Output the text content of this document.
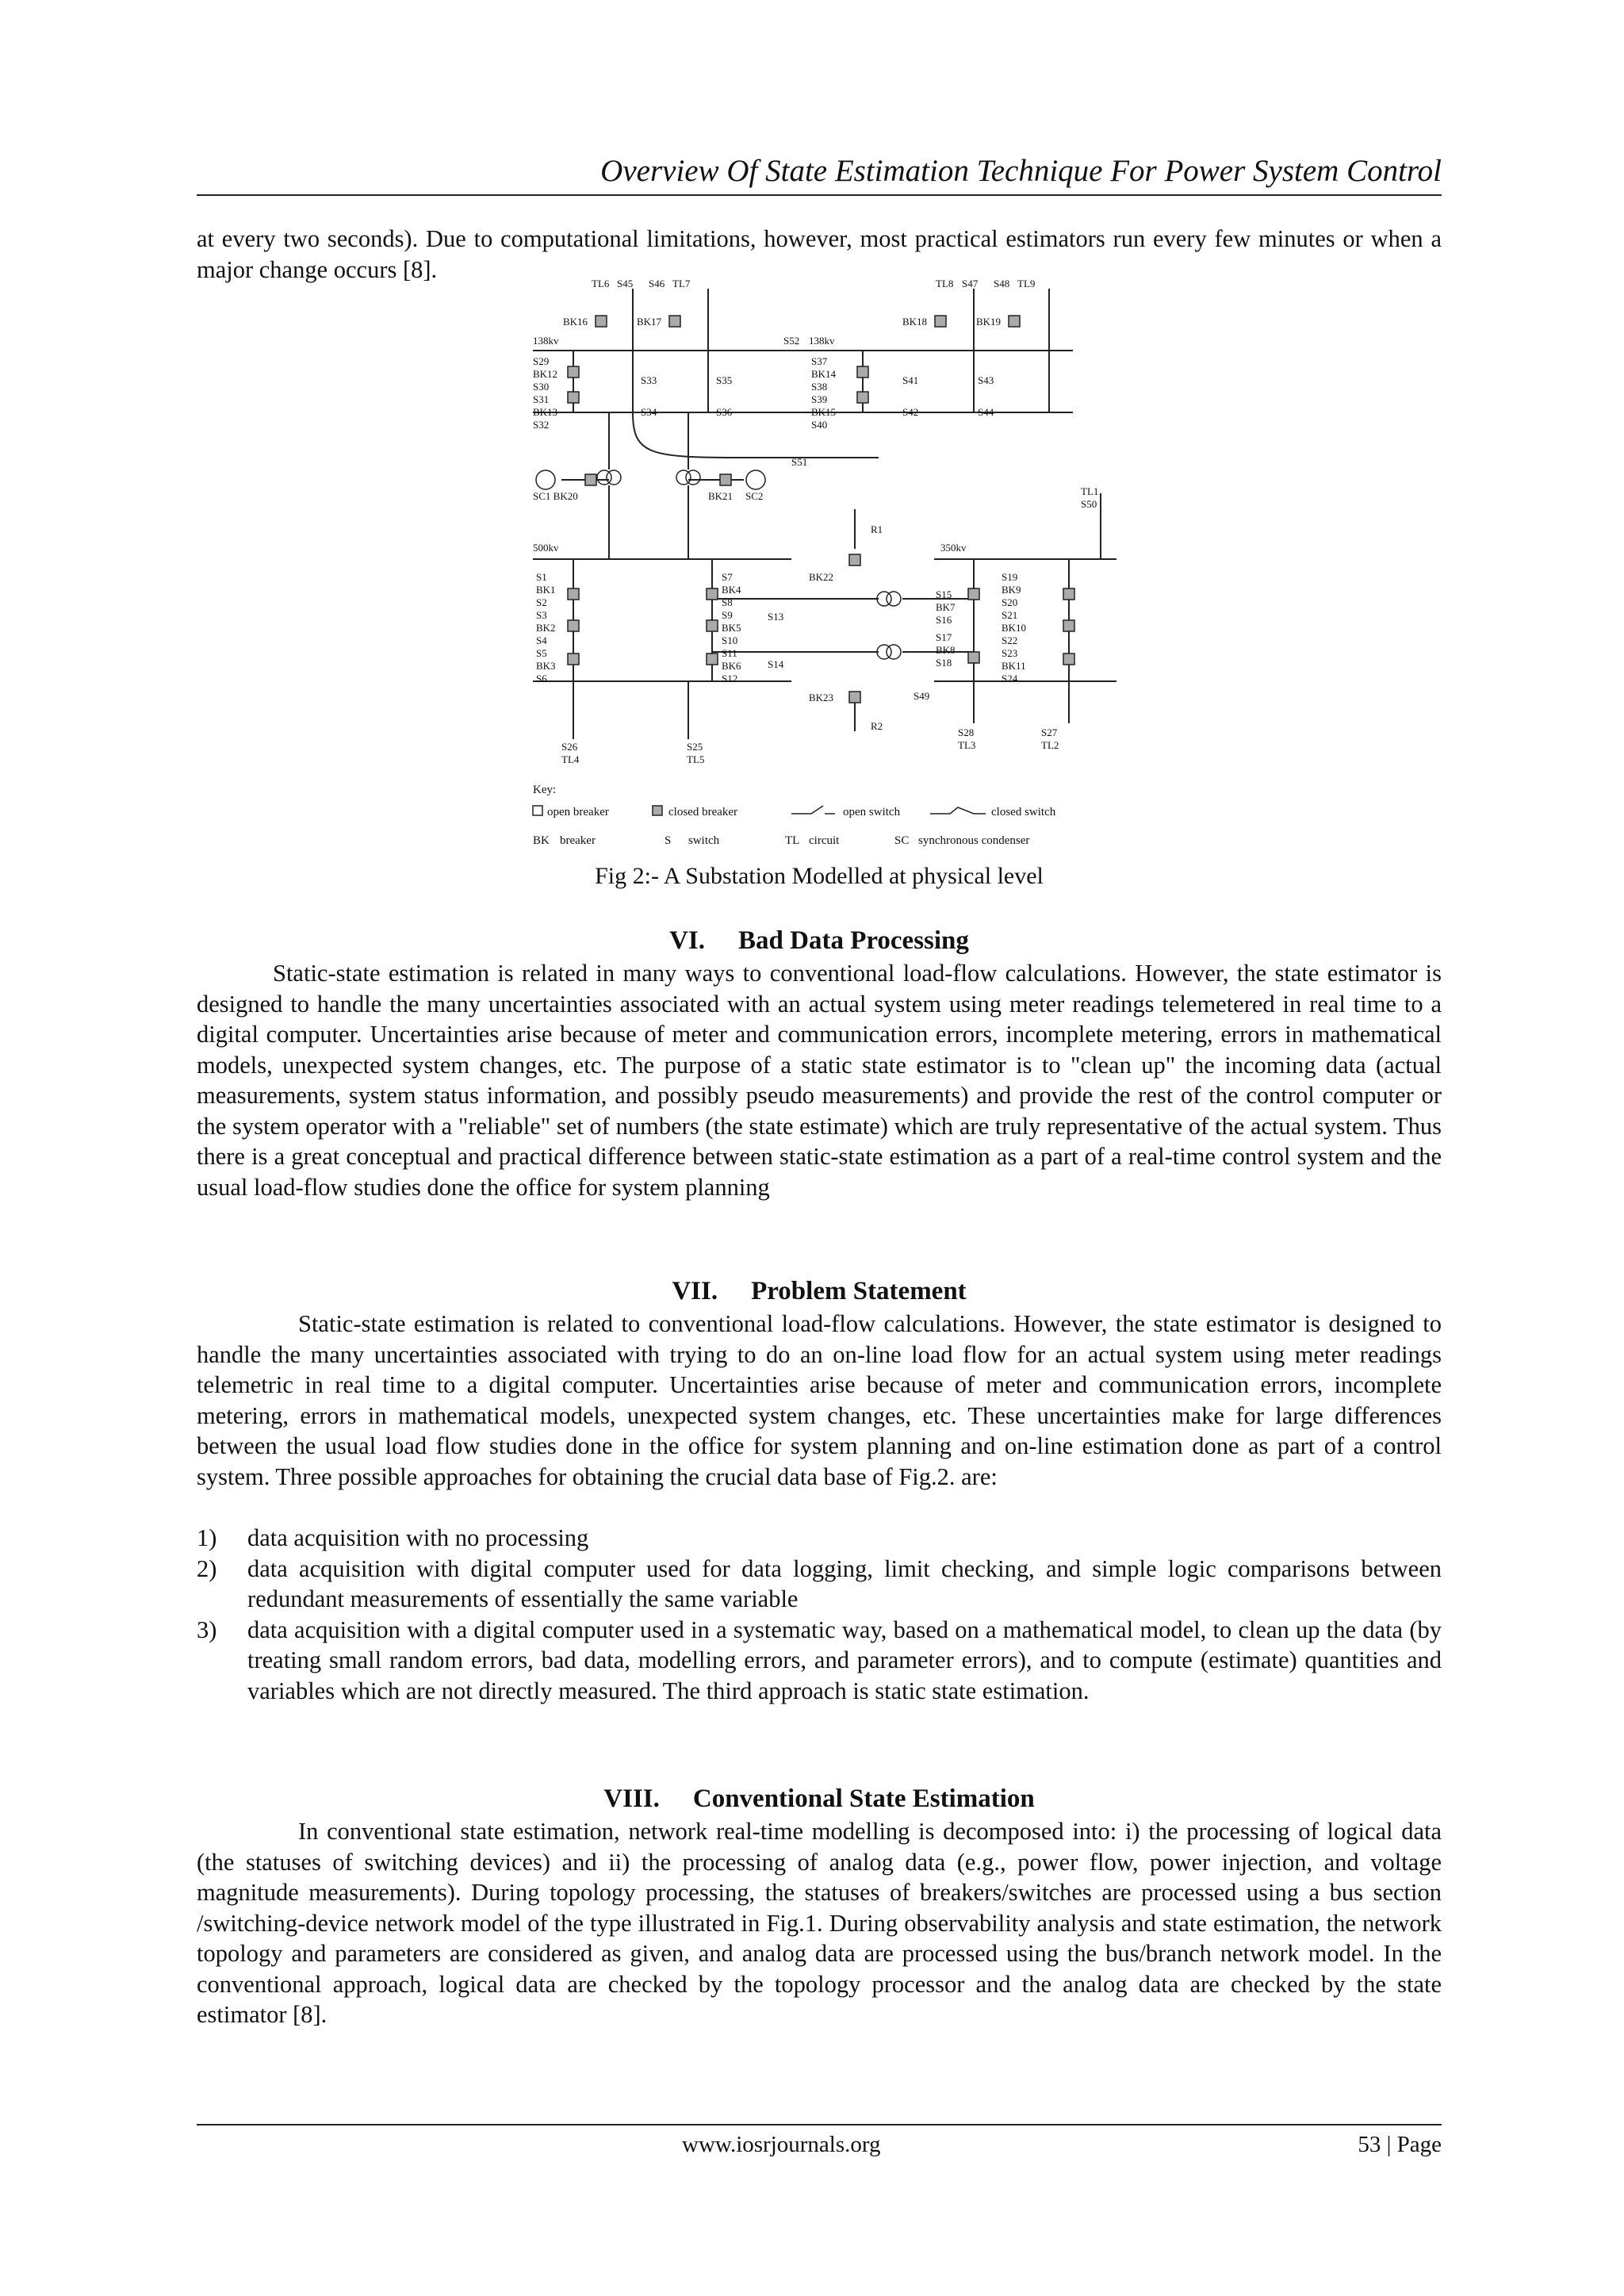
Overview Of State Estimation Technique For Power System Control

at every two seconds). Due to computational limitations, however, most practical estimators run every few minutes or when a major change occurs [8].

TL6 S45 S46 TL7	TL8 S47 S48 TL9
BK16	BK17	BK18	BK19
138kv	S52 138kv
S29
BK12
S30
S31
BK13
S32
S33
S34
S35
S36
S37
BK14
S38
S39
BK15
S40
S41
S42
S43
S44
S51
SC1 BK20	BK21 SC2	TL1
S50
R1
500kv	350kv
S1
BK1
S2
S3
BK2
S4
S5
BK3
S6
S7
BK4
S8
S9
BK5
S10
S11
BK6
S12
BK22
S13
S14
BK23
R2
S15
BK7
S16
S17
BK8
S18
S49
S19
BK9
S20
S21
BK10
S22
S23
BK11
S24
S26
TL4
S25
TL5
S28
TL3
S27
TL2
Key:
open breaker	closed breaker	open switch	closed switch
BK breaker	S switch	TL circuit	SC synchronous condenser
Fig 2:- A Substation Modelled at physical level
VI. Bad Data Processing

Static-state estimation is related in many ways to conventional load-flow calculations. However, the state estimator is designed to handle the many uncertainties associated with an actual system using meter readings telemetered in real time to a digital computer. Uncertainties arise because of meter and communication errors, incomplete metering, errors in mathematical models, unexpected system changes, etc. The purpose of a static state estimator is to "clean up" the incoming data (actual measurements, system status information, and possibly pseudo measurements) and provide the rest of the control computer or the system operator with a "reliable" set of numbers (the state estimate) which are truly representative of the actual system. Thus there is a great conceptual and practical difference between static-state estimation as a part of a real-time control system and the usual load-flow studies done the office for system planning

VII. Problem Statement

Static-state estimation is related to conventional load-flow calculations. However, the state estimator is designed to handle the many uncertainties associated with trying to do an on-line load flow for an actual system using meter readings telemetric in real time to a digital computer. Uncertainties arise because of meter and communication errors, incomplete metering, errors in mathematical models, unexpected system changes, etc. These uncertainties make for large differences between the usual load flow studies done in the office for system planning and on-line estimation done as part of a control system. Three possible approaches for obtaining the crucial data base of Fig.2. are:

1) data acquisition with no processing
2) data acquisition with digital computer used for data logging, limit checking, and simple logic comparisons between redundant measurements of essentially the same variable
3) data acquisition with a digital computer used in a systematic way, based on a mathematical model, to clean up the data (by treating small random errors, bad data, modelling errors, and parameter errors), and to compute (estimate) quantities and variables which are not directly measured. The third approach is static state estimation.
VIII. Conventional State Estimation

In conventional state estimation, network real-time modelling is decomposed into: i) the processing of logical data (the statuses of switching devices) and ii) the processing of analog data (e.g., power flow, power injection, and voltage magnitude measurements). During topology processing, the statuses of breakers/switches are processed using a bus section /switching-device network model of the type illustrated in Fig.1. During observability analysis and state estimation, the network topology and parameters are considered as given, and analog data are processed using the bus/branch network model. In the conventional approach, logical data are checked by the topology processor and the analog data are checked by the state estimator [8].

www.iosrjournals.org	53 | Page
